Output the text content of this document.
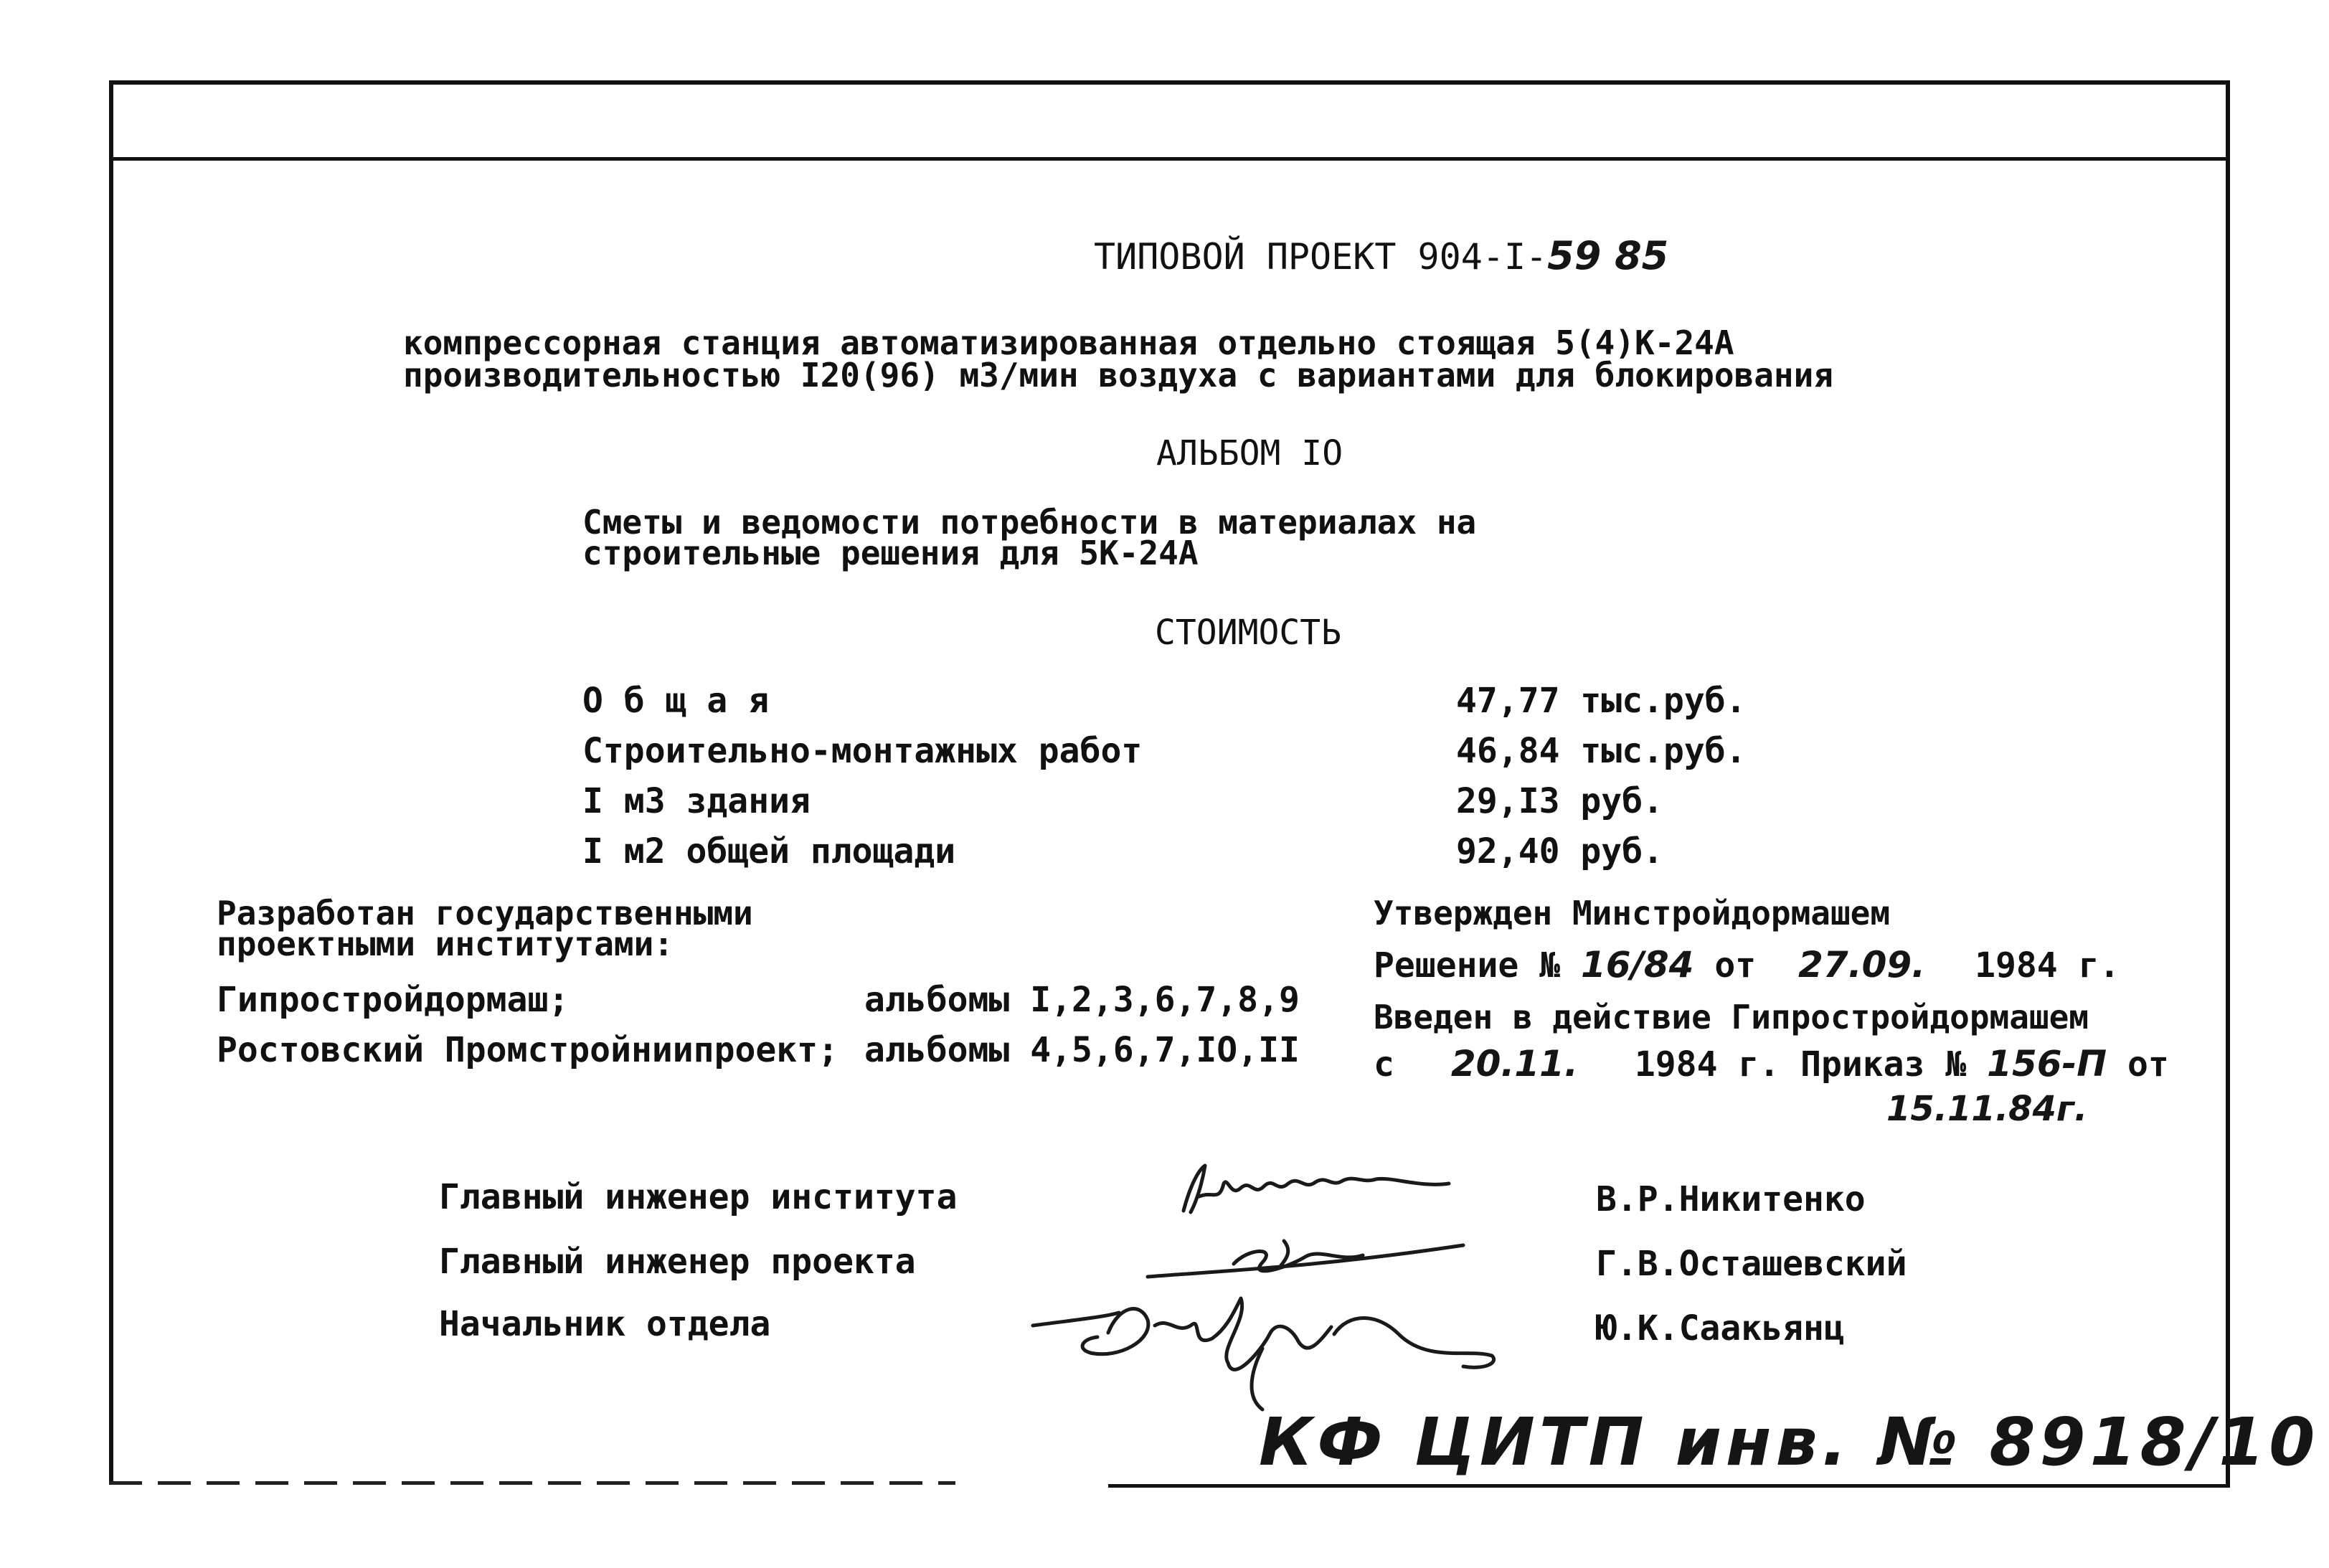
ТИПОВОЙ ПРОЕКТ 904-I-59 85
компрессорная станция автоматизированная отдельно стоящая 5(4)К-24А
производительностью I20(96) м3/мин воздуха с вариантами для блокирования
АЛЬБОМ IO
Сметы и ведомости потребности в материалах на
строительные решения для 5К-24А
СТОИМОСТЬ
О б щ а я	47,77 тыс.руб.
Строительно-монтажных работ	46,84 тыс.руб.
I м3 здания	29,I3 руб.
I м2 общей площади	92,40 руб.
Разработан государственными
проектными институтами:
Гипростройдормаш;	альбомы I,2,3,6,7,8,9
Ростовский Промстройниипроект; альбомы 4,5,6,7,IO,II
Утвержден Минстройдормашем
Решение № 16/84 от 27.09. 1984 г.
Введен в действие Гипростройдормашем
с 20.11. 1984 г. Приказ № 156-П от
15.11.84г.
Главный инженер института	В.Р.Никитенко
Главный инженер проекта	Г.В.Осташевский
Начальник отдела	Ю.К.Саакьянц
КФ ЦИТП инв. № 8918/10
